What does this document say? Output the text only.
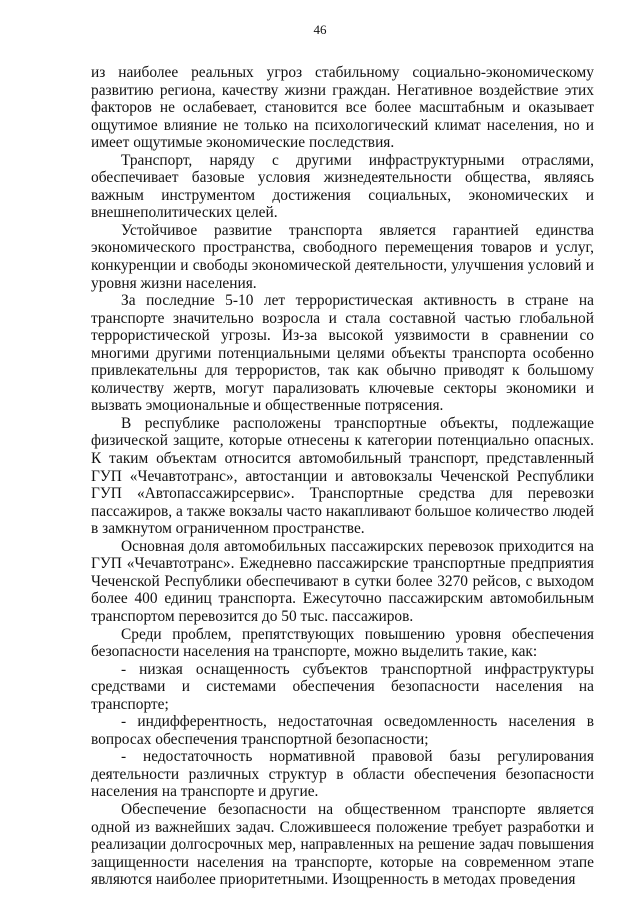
46

из наиболее реальных угроз стабильному социально-экономическому развитию региона, качеству жизни граждан. Негативное воздействие этих факторов не ослабевает, становится все более масштабным и оказывает ощутимое влияние не только на психологический климат населения, но и имеет ощутимые экономические последствия.

Транспорт, наряду с другими инфраструктурными отраслями, обеспечивает базовые условия жизнедеятельности общества, являясь важным инструментом достижения социальных, экономических и внешнеполитических целей.

Устойчивое развитие транспорта является гарантией единства экономического пространства, свободного перемещения товаров и услуг, конкуренции и свободы экономической деятельности, улучшения условий и уровня жизни населения.

За последние 5-10 лет террористическая активность в стране на транспорте значительно возросла и стала составной частью глобальной террористической угрозы. Из-за высокой уязвимости в сравнении со многими другими потенциальными целями объекты транспорта особенно привлекательны для террористов, так как обычно приводят к большому количеству жертв, могут парализовать ключевые секторы экономики и вызвать эмоциональные и общественные потрясения.

В республике расположены транспортные объекты, подлежащие физической защите, которые отнесены к категории потенциально опасных. К таким объектам относится автомобильный транспорт, представленный ГУП «Чечавтотранс», автостанции и автовокзалы Чеченской Республики ГУП «Автопассажирсервис». Транспортные средства для перевозки пассажиров, а также вокзалы часто накапливают большое количество людей в замкнутом ограниченном пространстве.

Основная доля автомобильных пассажирских перевозок приходится на ГУП «Чечавтотранс». Ежедневно пассажирские транспортные предприятия Чеченской Республики обеспечивают в сутки более 3270 рейсов, с выходом более 400 единиц транспорта. Ежесуточно пассажирским автомобильным транспортом перевозится до 50 тыс. пассажиров.

Среди проблем, препятствующих повышению уровня обеспечения безопасности населения на транспорте, можно выделить такие, как:

- низкая оснащенность субъектов транспортной инфраструктуры средствами и системами обеспечения безопасности населения на транспорте;

- индифферентность, недостаточная осведомленность населения в вопросах обеспечения транспортной безопасности;

- недостаточность нормативной правовой базы регулирования деятельности различных структур в области обеспечения безопасности населения на транспорте и другие.

Обеспечение безопасности на общественном транспорте является одной из важнейших задач. Сложившееся положение требует разработки и реализации долгосрочных мер, направленных на решение задач повышения защищенности населения на транспорте, которые на современном этапе являются наиболее приоритетными. Изощренность в методах проведения
